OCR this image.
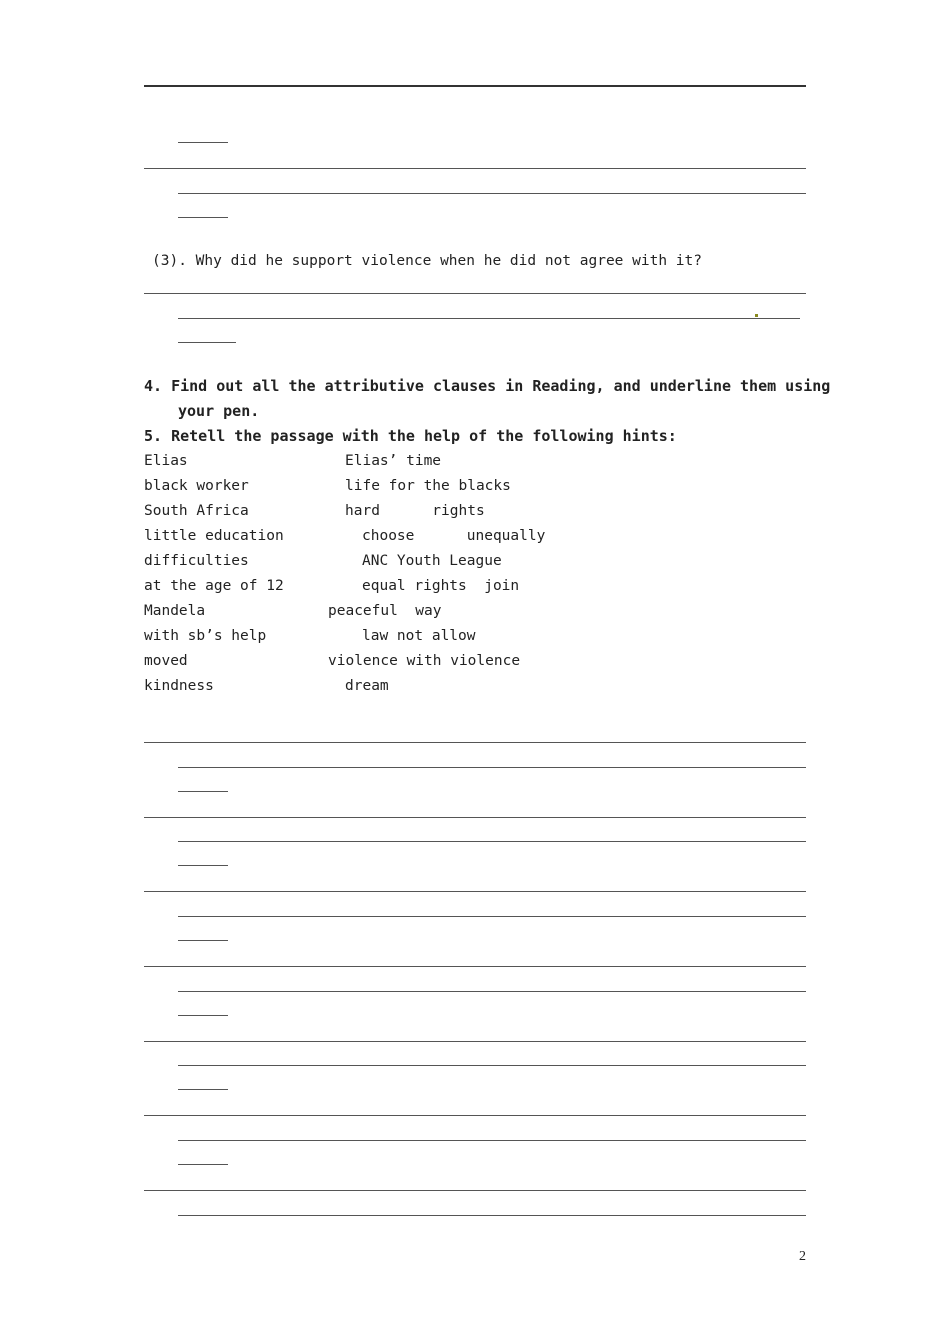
(3). Why did he support violence when he did not agree with it?
4. Find out all the attributive clauses in Reading, and underline them using
your pen.
5. Retell the passage with the help of the following hints:
Elias	Elias’ time
black worker	life for the blacks
South Africa	hard      rights
little education	choose      unequally
difficulties	ANC Youth League
at the age of 12	equal rights  join
Mandela	peaceful  way
with sb’s help	law not allow
moved	violence with violence
kindness	dream
2
